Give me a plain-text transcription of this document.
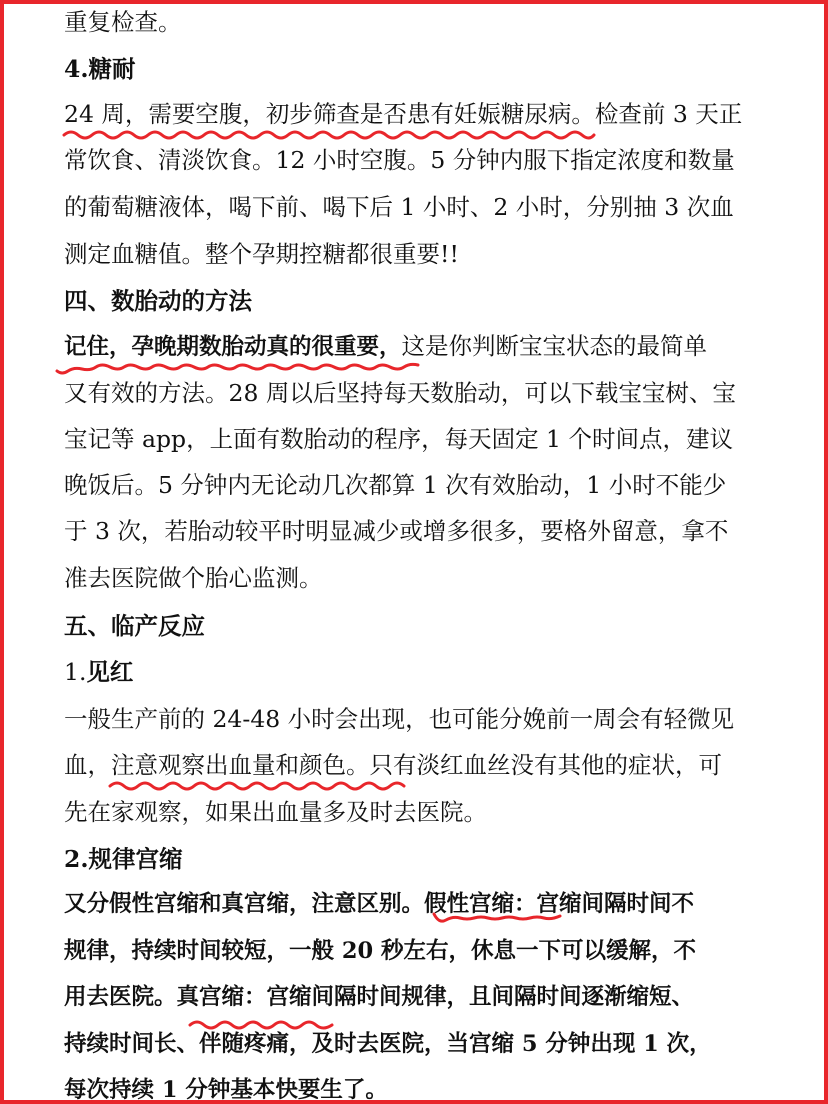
重复检查。
4.糖耐
24 周，需要空腹，初步筛查是否患有妊娠糖尿病。检查前 3 天正
常饮食、清淡饮食。12 小时空腹。5 分钟内服下指定浓度和数量
的葡萄糖液体，喝下前、喝下后 1 小时、2 小时，分别抽 3 次血
测定血糖值。整个孕期控糖都很重要!!
四、数胎动的方法
记住，孕晚期数胎动真的很重要，这是你判断宝宝状态的最简单
又有效的方法。28 周以后坚持每天数胎动，可以下载宝宝树、宝
宝记等 app，上面有数胎动的程序，每天固定 1 个时间点，建议
晚饭后。5 分钟内无论动几次都算 1 次有效胎动，1 小时不能少
于 3 次，若胎动较平时明显减少或增多很多，要格外留意，拿不
准去医院做个胎心监测。
五、临产反应
1.见红
一般生产前的 24-48 小时会出现，也可能分娩前一周会有轻微见
血，注意观察出血量和颜色。只有淡红血丝没有其他的症状，可
先在家观察，如果出血量多及时去医院。
2.规律宫缩
又分假性宫缩和真宫缩，注意区别。假性宫缩：宫缩间隔时间不
规律，持续时间较短，一般 20 秒左右，休息一下可以缓解，不
用去医院。真宫缩：宫缩间隔时间规律，且间隔时间逐渐缩短、
持续时间长、伴随疼痛，及时去医院，当宫缩 5 分钟出现 1 次，
每次持续 1 分钟基本快要生了。
